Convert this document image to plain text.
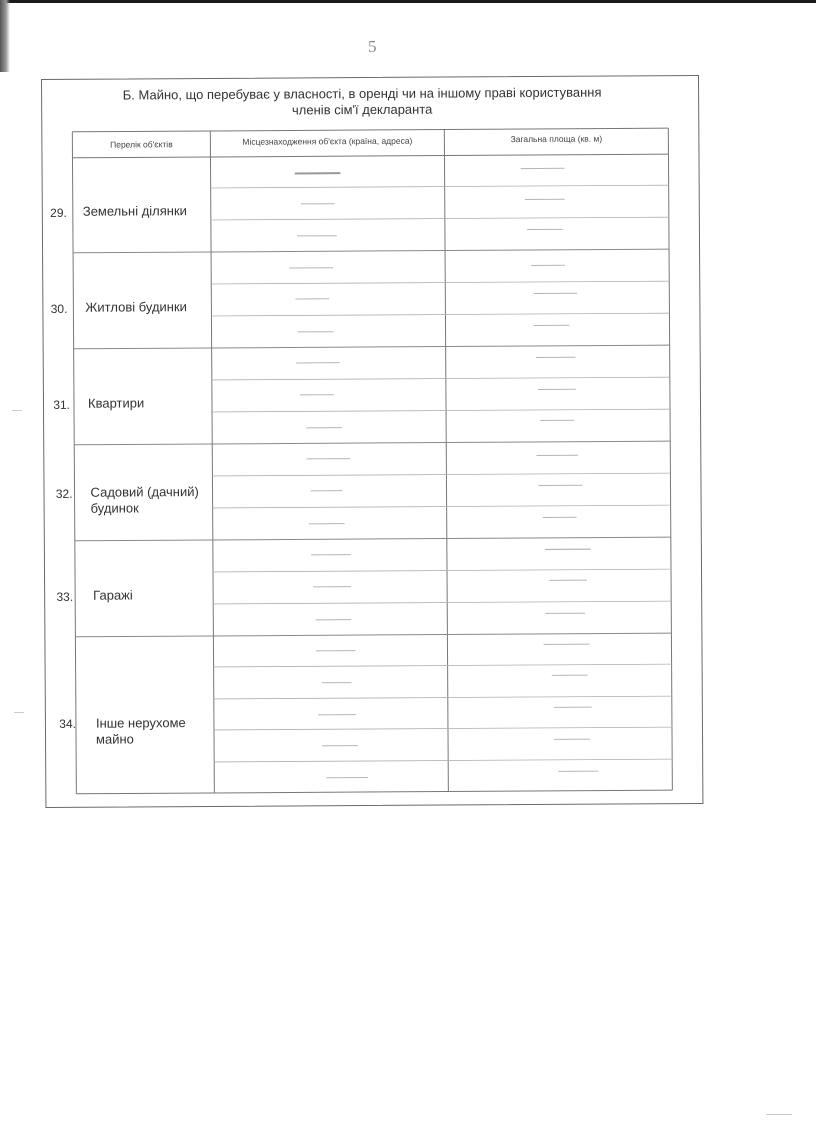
5
Б. Майно, що перебуває у власності, в оренді чи на іншому праві користування
членів сім'ї декларанта
Перелік об'єктів	Місцезнаходження об'єкта (країна, адреса)	Загальна площа (кв. м)
29. Земельні ділянки
30. Житлові будинки
31. Квартири
32. Садовий (дачний) будинок
33. Гаражі
34. Інше нерухоме майно
